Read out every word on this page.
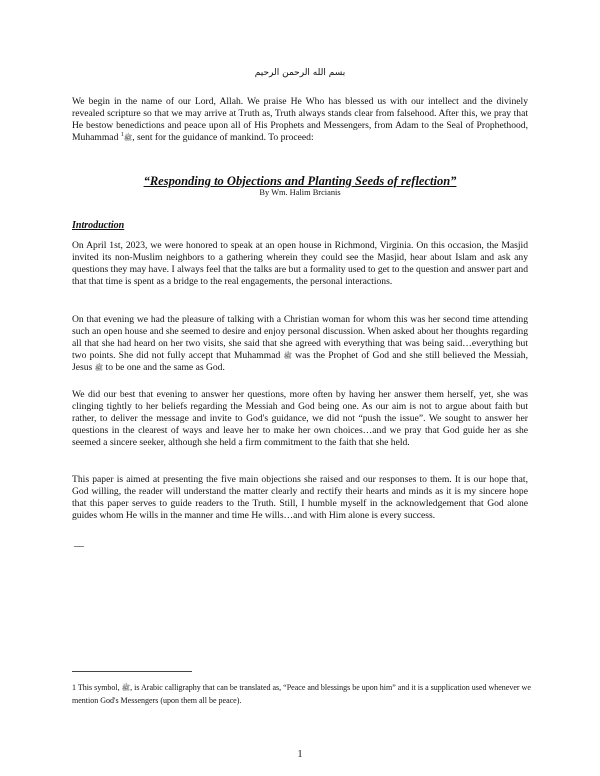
بسم الله الرحمن الرحيم

We begin in the name of our Lord, Allah. We praise He Who has blessed us with our intellect and the divinely revealed scripture so that we may arrive at Truth as, Truth always stands clear from falsehood. After this, we pray that He bestow benedictions and peace upon all of His Prophets and Messengers, from Adam to the Seal of Prophethood, Muhammad $^1$ﷺ, sent for the guidance of mankind. To proceed:

“Responding to Objections and Planting Seeds of reflection”
By Wm. Halim Brcianis
Introduction

On April 1st, 2023, we were honored to speak at an open house in Richmond, Virginia. On this occasion, the Masjid invited its non-Muslim neighbors to a gathering wherein they could see the Masjid, hear about Islam and ask any questions they may have. I always feel that the talks are but a formality used to get to the question and answer part and that that time is spent as a bridge to the real engagements, the personal interactions.

On that evening we had the pleasure of talking with a Christian woman for whom this was her second time attending such an open house and she seemed to desire and enjoy personal discussion. When asked about her thoughts regarding all that she had heard on her two visits, she said that she agreed with everything that was being said…everything but two points. She did not fully accept that Muhammad ﷺ was the Prophet of God and she still believed the Messiah, Jesus ﷺ to be one and the same as God.

We did our best that evening to answer her questions, more often by having her answer them herself, yet, she was clinging tightly to her beliefs regarding the Messiah and God being one. As our aim is not to argue about faith but rather, to deliver the message and invite to God's guidance, we did not “push the issue”. We sought to answer her questions in the clearest of ways and leave her to make her own choices…and we pray that God guide her as she seemed a sincere seeker, although she held a firm commitment to the faith that she held.

This paper is aimed at presenting the five main objections she raised and our responses to them. It is our hope that, God willing, the reader will understand the matter clearly and rectify their hearts and minds as it is my sincere hope that this paper serves to guide readers to the Truth. Still, I humble myself in the acknowledgement that God alone guides whom He wills in the manner and time He wills…and with Him alone is every success.

—

1 This symbol, ﷺ, is Arabic calligraphy that can be translated as, “Peace and blessings be upon him” and it is a supplication used whenever we mention God's Messengers (upon them all be peace).

1
